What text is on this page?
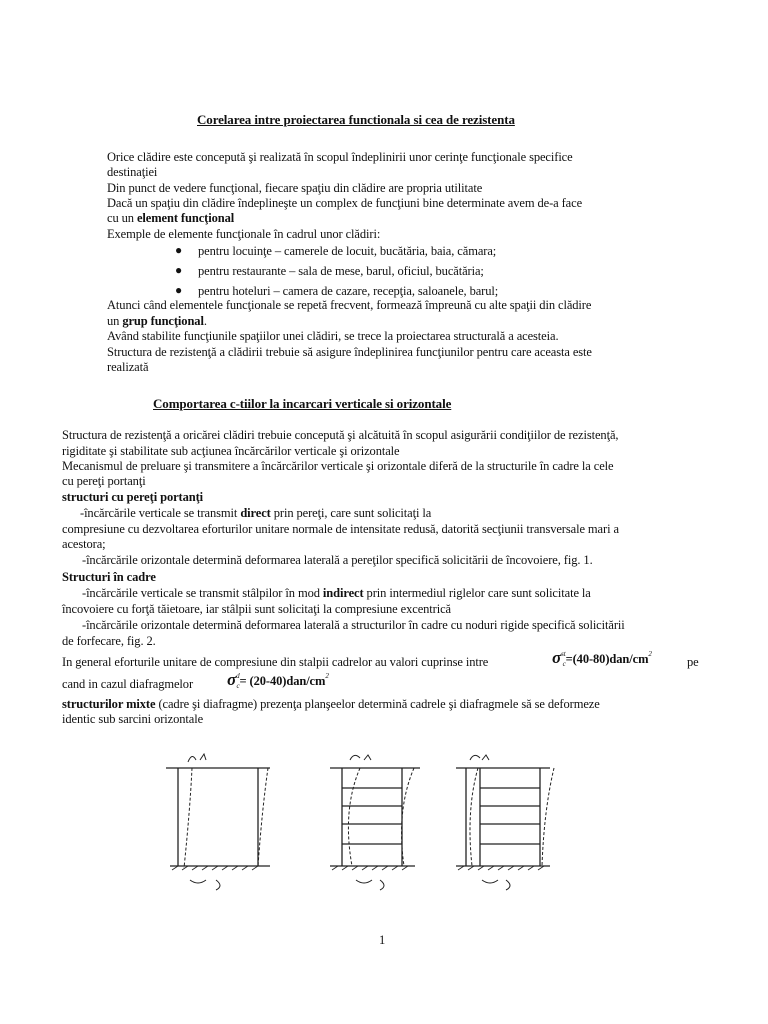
Corelarea intre proiectarea functionala si cea de rezistenta
Orice clădire este concepută şi realizată în scopul îndeplinirii unor cerinţe funcţionale specifice
destinaţiei
Din punct de vedere funcţional, fiecare spaţiu din clădire are propria utilitate
Dacă un spaţiu din clădire îndeplineşte un complex de funcţiuni bine determinate avem de-a face
cu un element funcţional
Exemple de elemente funcţionale în cadrul unor clădiri:
● pentru locuinţe – camerele de locuit, bucătăria, baia, cămara;
● pentru restaurante – sala de mese, barul, oficiul, bucătăria;
● pentru hoteluri – camera de cazare, recepţia, saloanele, barul;
Atunci când elementele funcţionale se repetă frecvent, formează împreună cu alte spaţii din clădire
un grup funcţional.
Având stabilite funcţiunile spaţiilor unei clădiri, se trece la proiectarea structurală a acesteia.
Structura de rezistenţă a clădirii trebuie să asigure îndeplinirea funcţiunilor pentru care aceasta este
realizată
Comportarea c-tiilor la incarcari verticale si orizontale
Structura de rezistenţă a oricărei clădiri trebuie concepută şi alcătuită în scopul asigurării condiţiilor de rezistenţă,
rigiditate şi stabilitate sub acţiunea încărcărilor verticale şi orizontale
Mecanismul de preluare şi transmitere a încărcărilor verticale şi orizontale diferă de la structurile în cadre la cele
cu pereţi portanţi
structuri cu pereţi portanţi
-încărcările verticale se transmit direct prin pereţi, care sunt solicitaţi la
compresiune cu dezvoltarea eforturilor unitare normale de intensitate redusă, datorită secţiunii transversale mari a
acestora;
-încărcările orizontale determină deformarea laterală a pereţilor specifică solicitării de încovoiere, fig. 1.
Structuri în cadre
-încărcările verticale se transmit stâlpilor în mod indirect prin intermediul riglelor care sunt solicitate la
încovoiere cu forţă tăietoare, iar stâlpii sunt solicitaţi la compresiune excentrică
-încărcările orizontale determină deformarea laterală a structurilor în cadre cu noduri rigide specifică solicitării
de forfecare, fig. 2.
In general eforturile unitare de compresiune din stalpii cadrelor au valori cuprinse intre	$\sigma^{st}_c=(40-80)dan/cm^2$
pe
cand in cazul diafragmelor $\sigma^d_c= (20-40)dan/cm^2$
structurilor mixte (cadre şi diafragme) prezenţa planşeelor determină cadrele şi diafragmele să se deformeze
identic sub sarcini orizontale
1
